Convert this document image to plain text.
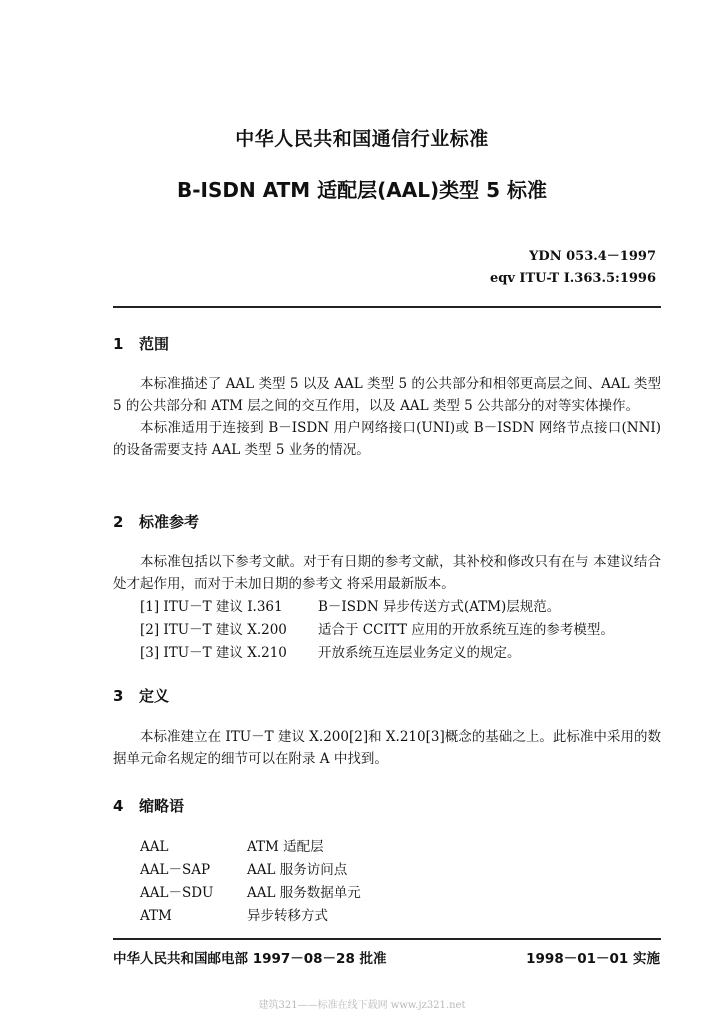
中华人民共和国通信行业标准
B-ISDN ATM 适配层(AAL)类型 5 标准
YDN 053.4－1997
eqv ITU-T I.363.5:1996
1 范围

本标准描述了 AAL 类型 5 以及 AAL 类型 5 的公共部分和相邻更高层之间、AAL 类型 5 的公共部分和 ATM 层之间的交互作用，以及 AAL 类型 5 公共部分的对等实体操作。

本标准适用于连接到 B－ISDN 用户网络接口(UNI)或 B－ISDN 网络节点接口(NNI)的设备需要支持 AAL 类型 5 业务的情况。

2 标准参考

本标准包括以下参考文献。对于有日期的参考文献，其补校和修改只有在与 本建议结合处才起作用，而对于未加日期的参考文 将采用最新版本。

[1] ITU－T 建议 I.361	B－ISDN 异步传送方式(ATM)层规范。
[2] ITU－T 建议 X.200	适合于 CCITT 应用的开放系统互连的参考模型。
[3] ITU－T 建议 X.210	开放系统互连层业务定义的规定。
3 定义

本标准建立在 ITU－T 建议 X.200[2]和 X.210[3]概念的基础之上。此标准中采用的数据单元命名规定的细节可以在附录 A 中找到。

4 缩略语
AAL	ATM 适配层
AAL－SAP	AAL 服务访问点
AAL－SDU	AAL 服务数据单元
ATM	异步转移方式
中华人民共和国邮电部 1997－08－28 批准	1998－01－01 实施
建筑321——标准在线下载网 www.jz321.net
